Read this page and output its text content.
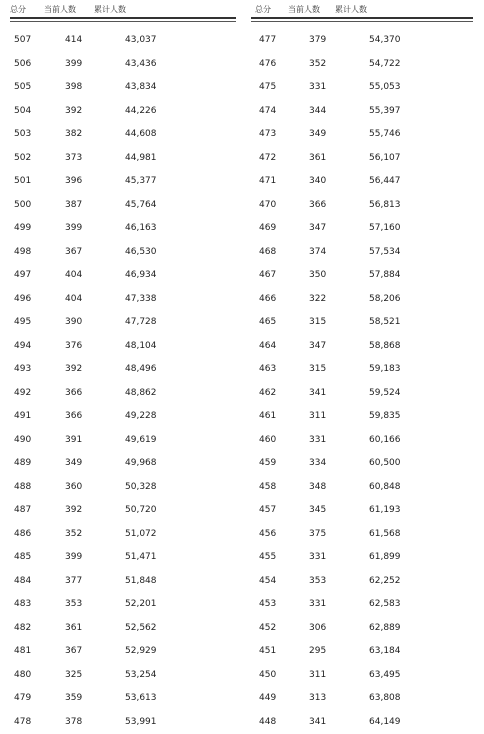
总分 当前人数 累计人数
507	414	43,037
506	399	43,436
505	398	43,834
504	392	44,226
503	382	44,608
502	373	44,981
501	396	45,377
500	387	45,764
499	399	46,163
498	367	46,530
497	404	46,934
496	404	47,338
495	390	47,728
494	376	48,104
493	392	48,496
492	366	48,862
491	366	49,228
490	391	49,619
489	349	49,968
488	360	50,328
487	392	50,720
486	352	51,072
485	399	51,471
484	377	51,848
483	353	52,201
482	361	52,562
481	367	52,929
480	325	53,254
479	359	53,613
478	378	53,991
总分 当前人数 累计人数
477	379	54,370
476	352	54,722
475	331	55,053
474	344	55,397
473	349	55,746
472	361	56,107
471	340	56,447
470	366	56,813
469	347	57,160
468	374	57,534
467	350	57,884
466	322	58,206
465	315	58,521
464	347	58,868
463	315	59,183
462	341	59,524
461	311	59,835
460	331	60,166
459	334	60,500
458	348	60,848
457	345	61,193
456	375	61,568
455	331	61,899
454	353	62,252
453	331	62,583
452	306	62,889
451	295	63,184
450	311	63,495
449	313	63,808
448	341	64,149
